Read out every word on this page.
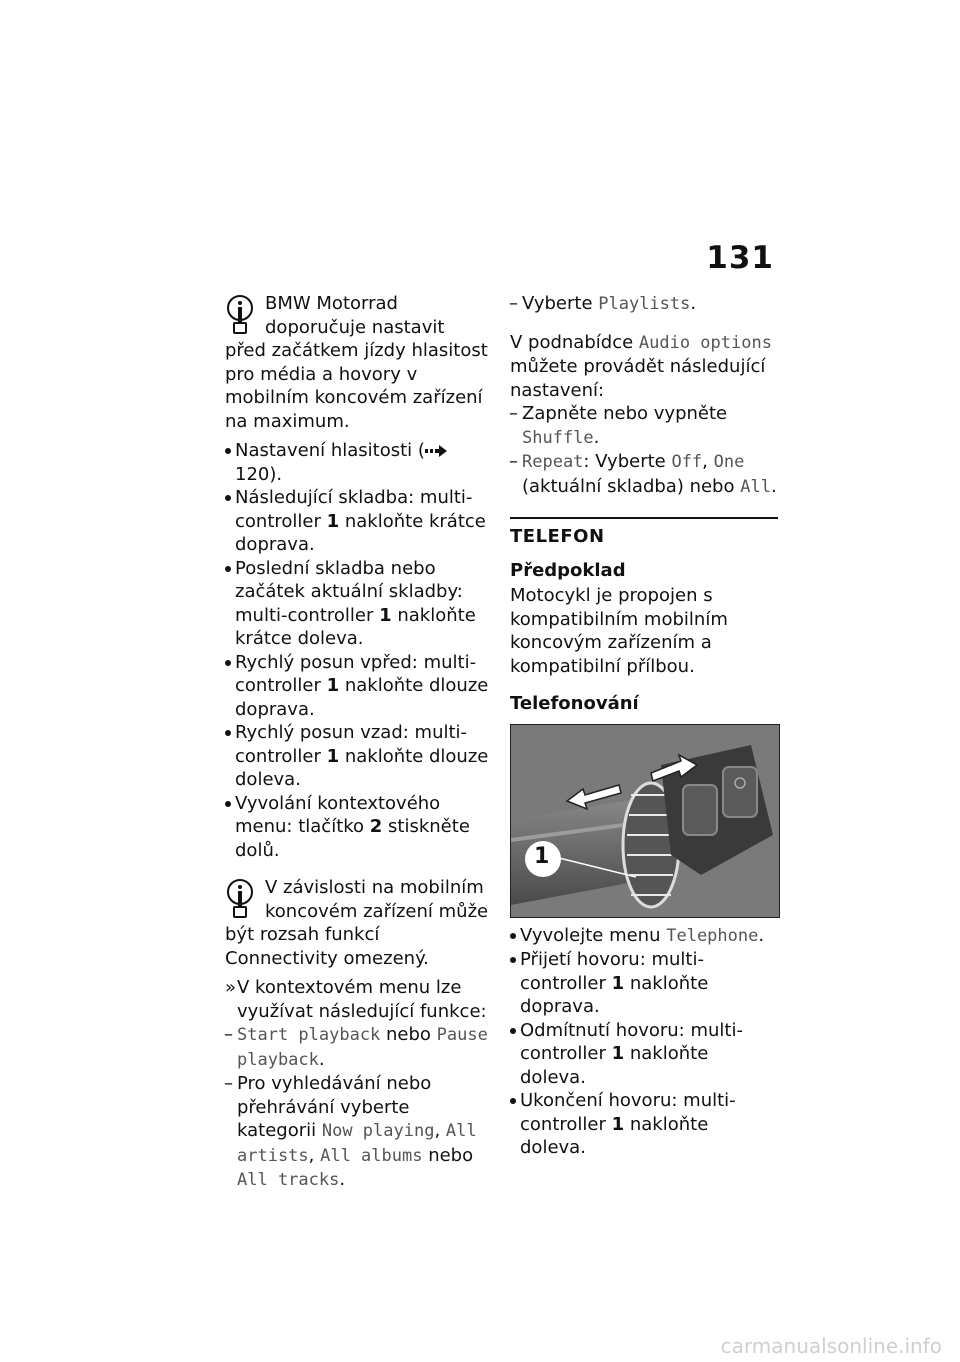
131

BMW Motorrad doporučuje nastavit před začátkem jízdy hlasitost pro média a hovory v mobilním koncovém zařízení na maximum.

Nastavení hlasitosti (120).
Následující skladba: multi-controller 1 nakloňte krátce doprava.
Poslední skladba nebo začátek aktuální skladby: multi-controller 1 nakloňte krátce doleva.
Rychlý posun vpřed: multi-controller 1 nakloňte dlouze doprava.
Rychlý posun vzad: multi-controller 1 nakloňte dlouze doleva.
Vyvolání kontextového menu: tlačítko 2 stiskněte dolů.

V závislosti na mobilním koncovém zařízení může být rozsah funkcí Connectivity omezený.

» V kontextovém menu lze využívat následující funkce:
– Start playback nebo Pause playback.
– Pro vyhledávání nebo přehrávání vyberte kategorii Now playing, All artists, All albums nebo All tracks.
– Vyberte Playlists.

V podnabídce Audio options můžete provádět následující nastavení:

– Zapněte nebo vypněte Shuffle.
– Repeat: Vyberte Off, One (aktuální skladba) nebo All.
TELEFON
Předpoklad

Motocykl je propojen s kompatibilním mobilním koncovým zařízením a kompatibilní přílbou.

Telefonování
1
Vyvolejte menu Telephone.
Přijetí hovoru: multi-controller 1 nakloňte doprava.
Odmítnutí hovoru: multi-controller 1 nakloňte doleva.
Ukončení hovoru: multi-controller 1 nakloňte doleva.
carmanualsonline.info
